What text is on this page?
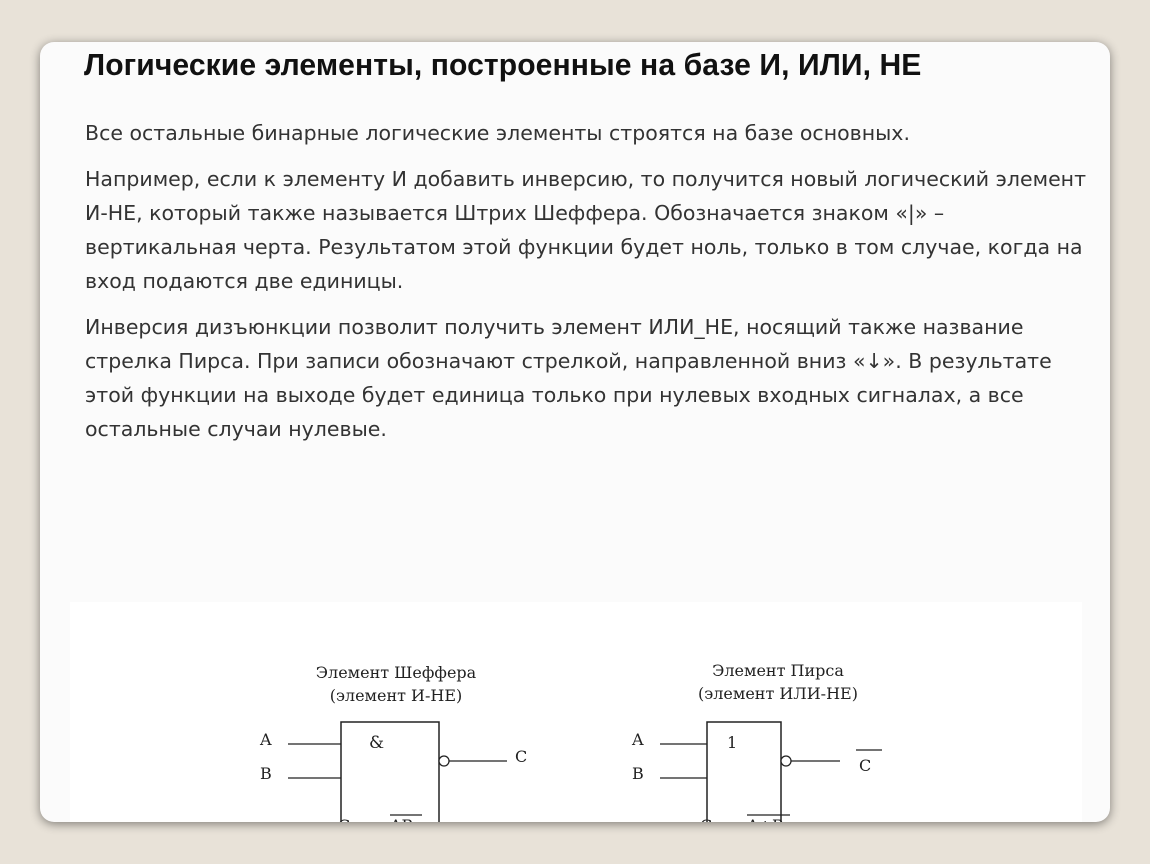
Логические элементы, построенные на базе И, ИЛИ, НЕ

Все остальные бинарные логические элементы строятся на базе основных.

Например, если к элементу И добавить инверсию, то получится новый логический элемент И-НЕ, который также называется Штрих Шеффера. Обозначается знаком «|» – вертикальная черта. Результатом этой функции будет ноль, только в том случае, когда на вход подаются две единицы.

Инверсия дизъюнкции позволит получить элемент ИЛИ_НЕ, носящий также название стрелка Пирса. При записи обозначают стрелкой, направленной вниз «↓». В результате этой функции на выходе будет единица только при нулевых входных сигналах, а все остальные случаи нулевые.

Элемент Шеффера
(элемент И-НЕ)
&
A
B
C
C = AB
Элемент Пирса
(элемент ИЛИ-НЕ)
1
A
B	C
C = A+B
